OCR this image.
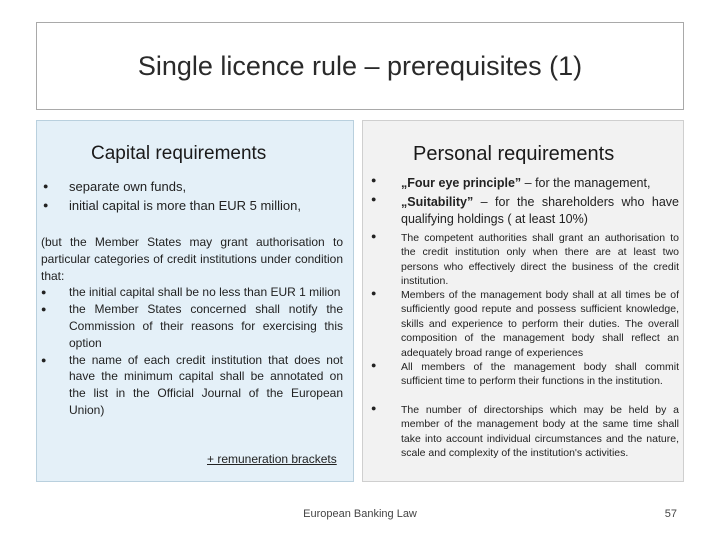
Single licence rule – prerequisites (1)
Capital requirements
● separate own funds,
● initial capital is more than EUR 5 million,
(but the Member States may grant authorisation to particular categories of credit institutions under condition that:
● the initial capital shall be no less than EUR 1 milion
● the Member States concerned shall notify the Commission of their reasons for exercising this option
● the name of each credit institution that does not have the minimum capital shall be annotated on the list in the Official Journal of the European Union)
+ remuneration brackets
Personal requirements
● „Four eye principle” – for the management,
● „Suitability” – for the shareholders who have qualifying holdings ( at least 10%)
● The competent authorities shall grant an authorisation to the credit institution only when there are at least two persons who effectively direct the business of the credit institution.
● Members of the management body shall at all times be of sufficiently good repute and possess sufficient knowledge, skills and experience to perform their duties. The overall composition of the management body shall reflect an adequately broad range of experiences
● All members of the management body shall commit sufficient time to perform their functions in the institution.
● The number of directorships which may be held by a member of the management body at the same time shall take into account individual circumstances and the nature, scale and complexity of the institution's activities.
European Banking Law	57
